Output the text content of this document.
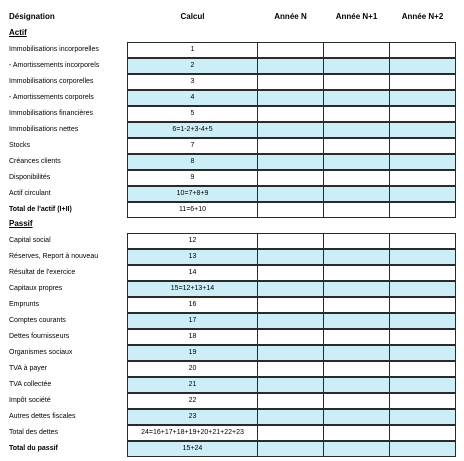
Désignation	Calcul	Année N	Année N+1	Année N+2
Actif
Immobilisations incorporelles	1
- Amortissements incorporels	2
Immobilisations corporelles	3
- Amortissements corporels	4
Immobilisations financières	5
Immobilisations nettes	6=1-2+3-4+5
Stocks	7
Créances clients	8
Disponibilités	9
Actif circulant	10=7+8+9
Total de l'actif (I+II)	11=6+10
Passif
Capital social	12
Réserves, Report à nouveau	13
Résultat de l'exercice	14
Capitaux propres	15=12+13+14
Emprunts	16
Comptes courants	17
Dettes fournisseurs	18
Organismes sociaux	19
TVA à payer	20
TVA collectée	21
Impôt société	22
Autres dettes fiscales	23
Total des dettes	24=16+17+18+19+20+21+22+23
Total du passif	15+24
